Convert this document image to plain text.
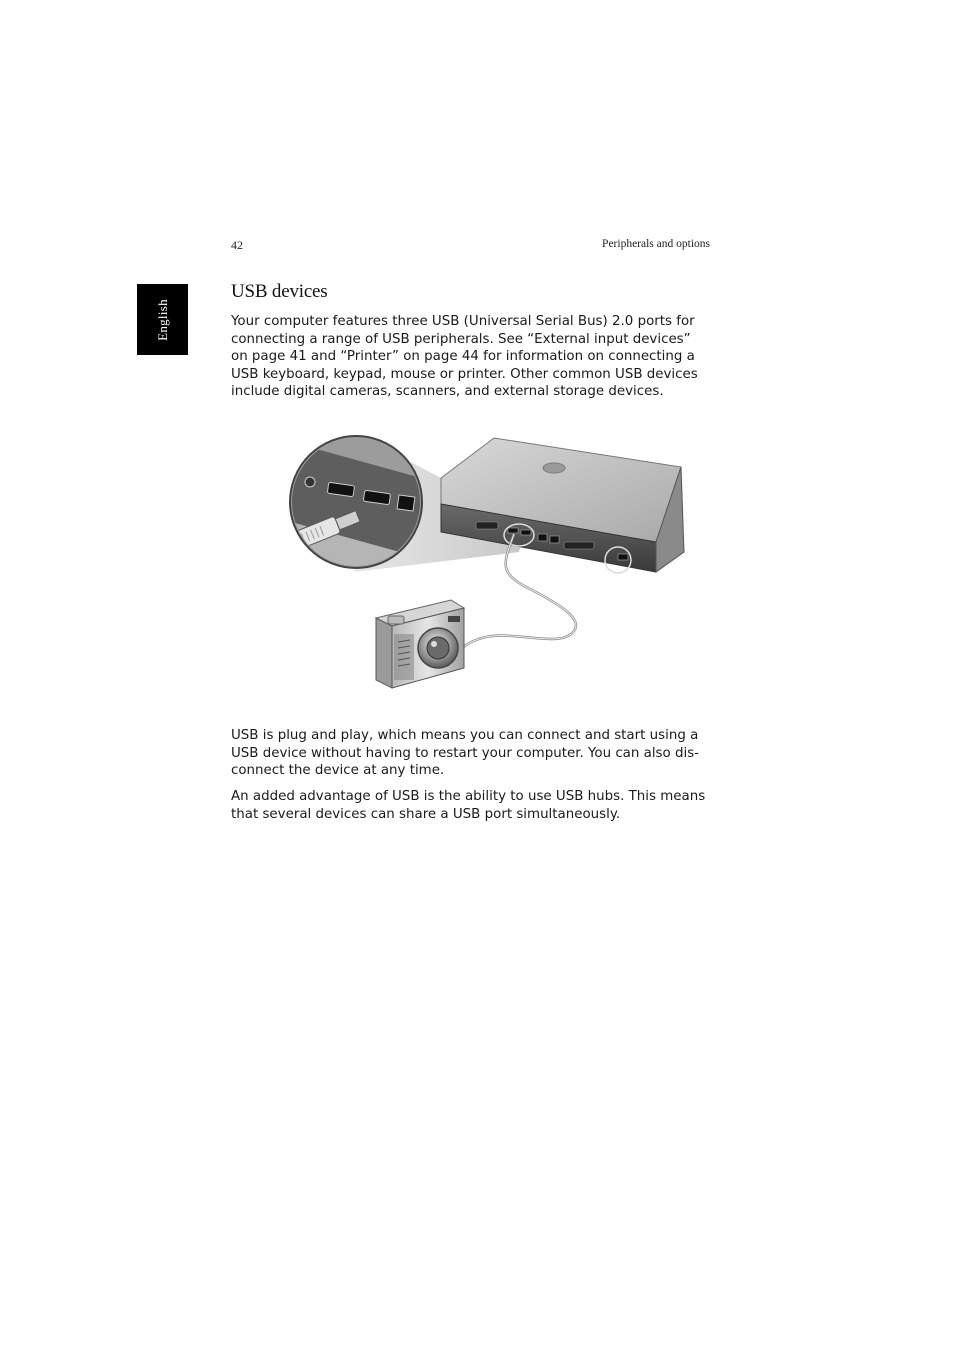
42	Peripherals and options
English
USB devices

Your computer features three USB (Universal Serial Bus) 2.0 ports for connecting a range of USB peripherals. See “External input devices” on page 41 and “Printer” on page 44 for information on connecting a USB keyboard, keypad, mouse or printer. Other common USB devices include digital cameras, scanners, and external storage devices.

USB is plug and play, which means you can connect and start using a USB device without having to restart your computer. You can also dis-connect the device at any time.

An added advantage of USB is the ability to use USB hubs. This means that several devices can share a USB port simultaneously.
